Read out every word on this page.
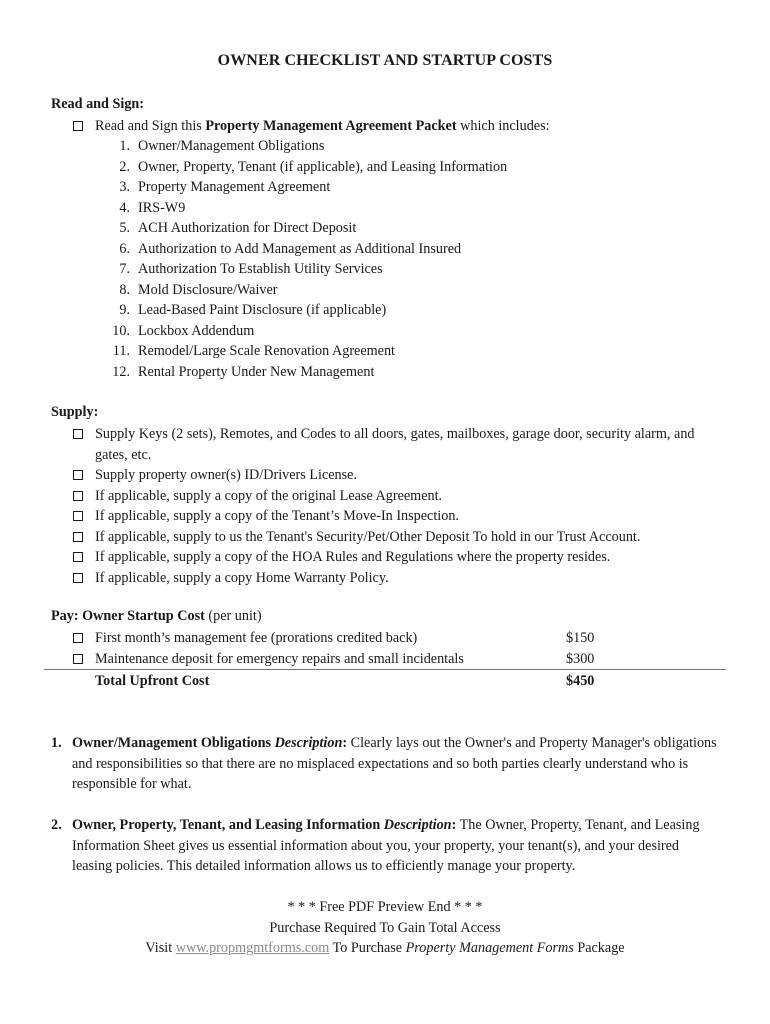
OWNER CHECKLIST AND STARTUP COSTS
Read and Sign:
Read and Sign this Property Management Agreement Packet which includes:
1. Owner/Management Obligations
2. Owner, Property, Tenant (if applicable), and Leasing Information
3. Property Management Agreement
4. IRS-W9
5. ACH Authorization for Direct Deposit
6. Authorization to Add Management as Additional Insured
7. Authorization To Establish Utility Services
8. Mold Disclosure/Waiver
9. Lead-Based Paint Disclosure (if applicable)
10. Lockbox Addendum
11. Remodel/Large Scale Renovation Agreement
12. Rental Property Under New Management
Supply:
Supply Keys (2 sets), Remotes, and Codes to all doors, gates, mailboxes, garage door, security alarm, and gates, etc.
Supply property owner(s) ID/Drivers License.
If applicable, supply a copy of the original Lease Agreement.
If applicable, supply a copy of the Tenant’s Move-In Inspection.
If applicable, supply to us the Tenant's Security/Pet/Other Deposit To hold in our Trust Account.
If applicable, supply a copy of the HOA Rules and Regulations where the property resides.
If applicable, supply a copy Home Warranty Policy.
Pay: Owner Startup Cost (per unit)
First month’s management fee (prorations credited back)	$150
Maintenance deposit for emergency repairs and small incidentals	$300
Total Upfront Cost	$450
1. Owner/Management Obligations Description: Clearly lays out the Owner's and Property Manager's obligations and responsibilities so that there are no misplaced expectations and so both parties clearly understand who is responsible for what.
2. Owner, Property, Tenant, and Leasing Information Description: The Owner, Property, Tenant, and Leasing Information Sheet gives us essential information about you, your property, your tenant(s), and your desired leasing policies. This detailed information allows us to efficiently manage your property.
* * * Free PDF Preview End * * *
Purchase Required To Gain Total Access
Visit www.propmgmtforms.com To Purchase Property Management Forms Package
